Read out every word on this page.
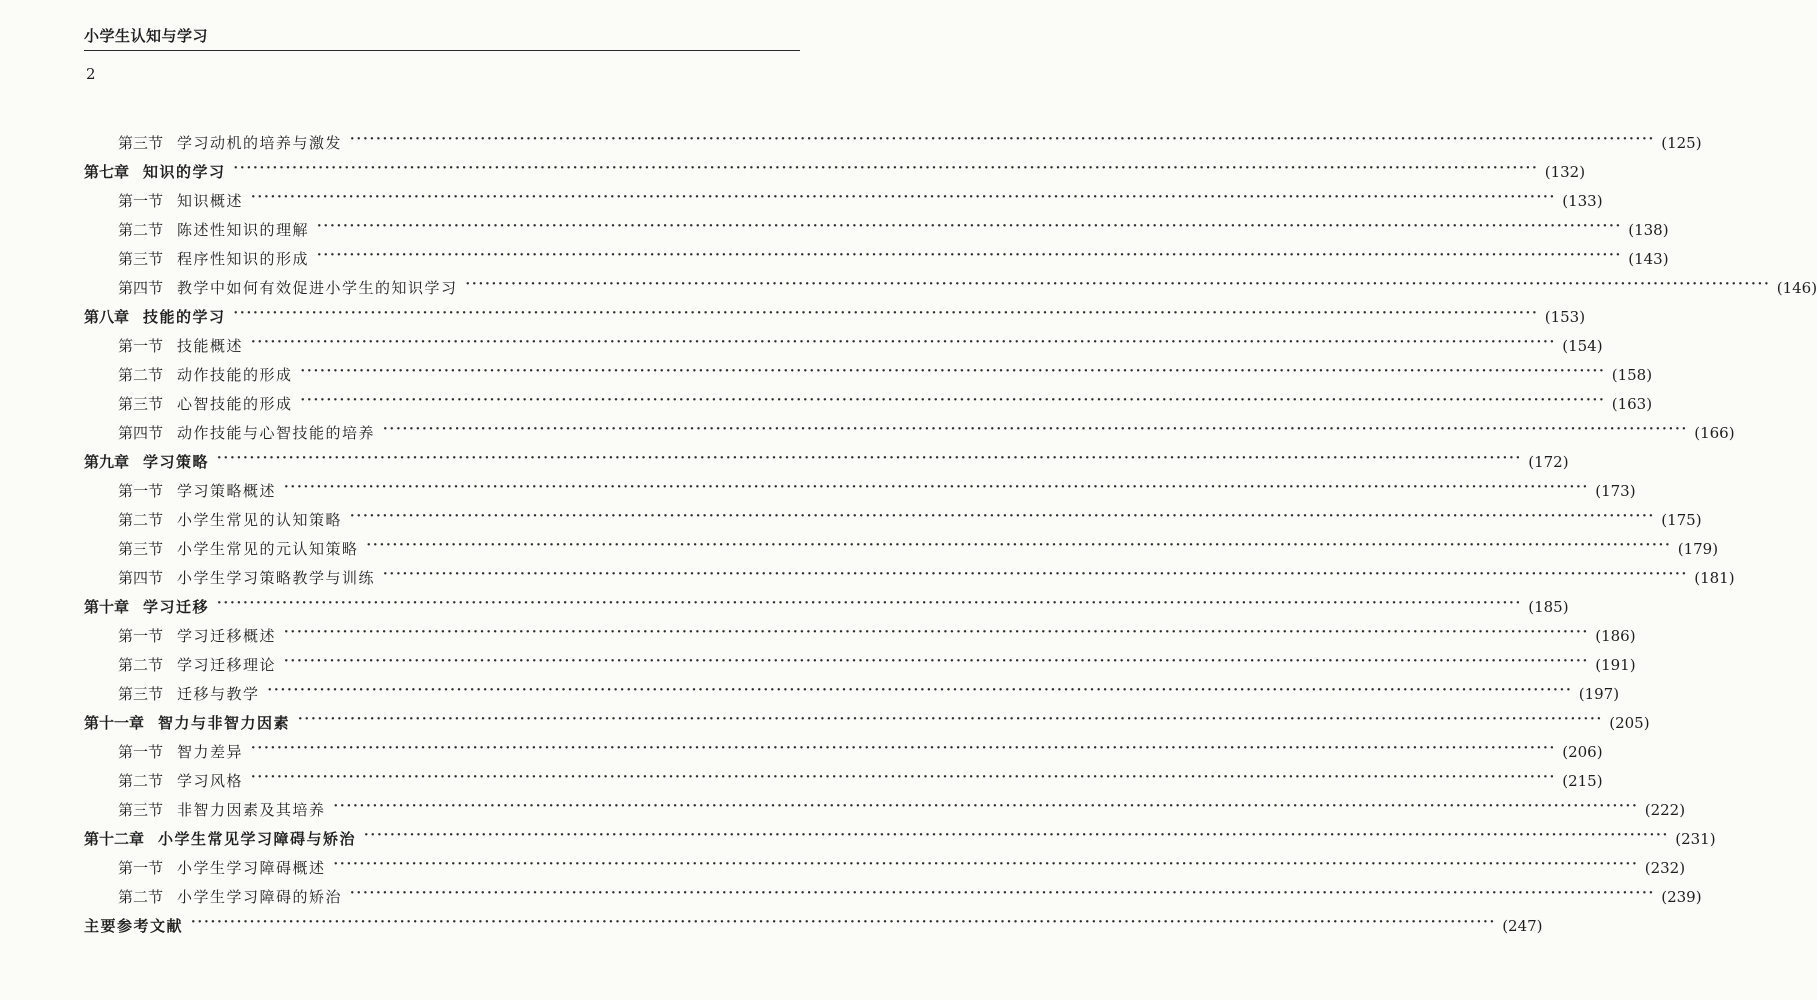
小学生认知与学习
2
第三节 学习动机的培养与激发 ········································································································································································································ (125)
第七章 知识的学习 ········································································································································································································ (132)
第一节 知识概述 ········································································································································································································ (133)
第二节 陈述性知识的理解 ········································································································································································································ (138)
第三节 程序性知识的形成 ········································································································································································································ (143)
第四节 教学中如何有效促进小学生的知识学习 ········································································································································································································ (146)
第八章 技能的学习 ········································································································································································································ (153)
第一节 技能概述 ········································································································································································································ (154)
第二节 动作技能的形成 ········································································································································································································ (158)
第三节 心智技能的形成 ········································································································································································································ (163)
第四节 动作技能与心智技能的培养 ········································································································································································································ (166)
第九章 学习策略 ········································································································································································································ (172)
第一节 学习策略概述 ········································································································································································································ (173)
第二节 小学生常见的认知策略 ········································································································································································································ (175)
第三节 小学生常见的元认知策略 ········································································································································································································ (179)
第四节 小学生学习策略教学与训练 ········································································································································································································ (181)
第十章 学习迁移 ········································································································································································································ (185)
第一节 学习迁移概述 ········································································································································································································ (186)
第二节 学习迁移理论 ········································································································································································································ (191)
第三节 迁移与教学 ········································································································································································································ (197)
第十一章 智力与非智力因素 ········································································································································································································ (205)
第一节 智力差异 ········································································································································································································ (206)
第二节 学习风格 ········································································································································································································ (215)
第三节 非智力因素及其培养 ········································································································································································································ (222)
第十二章 小学生常见学习障碍与矫治 ········································································································································································································ (231)
第一节 小学生学习障碍概述 ········································································································································································································ (232)
第二节 小学生学习障碍的矫治 ········································································································································································································ (239)
主要参考文献 ········································································································································································································ (247)
